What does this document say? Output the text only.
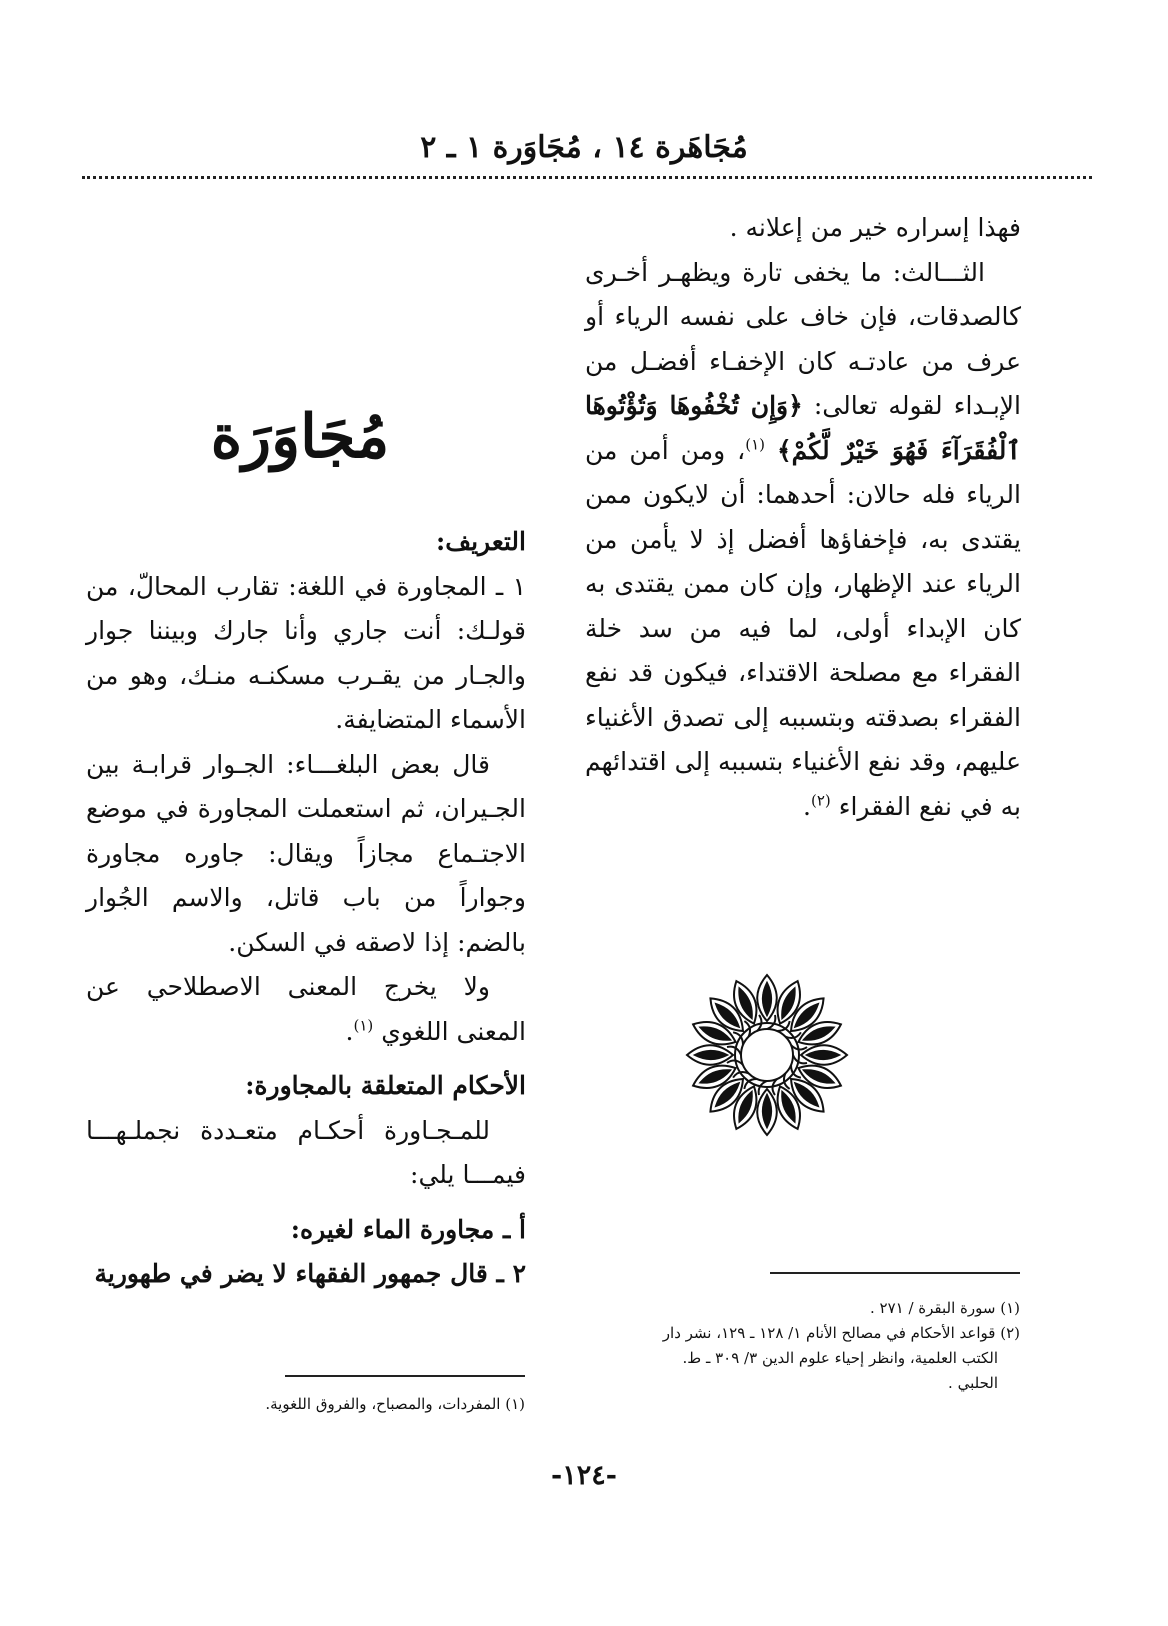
مُجَاهَرة ١٤ ، مُجَاوَرة ١ ـ ٢

فهذا إسراره خير من إعلانه .

الثـــالث: ما يخفى تارة ويظهـر أخـرى كالصدقات، فإن خاف على نفسه الرياء أو عرف من عادتـه كان الإخفـاء أفضـل من الإبـداء لقوله تعالى: ﴿وَإِن تُخْفُوهَا وَتُؤْتُوهَا ٱلْفُقَرَآءَ فَهُوَ خَيْرٌ لَّكُمْ﴾ $^{(١)}$، ومن أمن من الرياء فله حالان: أحدهما: أن لايكون ممن يقتدى به، فإخفاؤها أفضل إذ لا يأمن من الرياء عند الإظهار، وإن كان ممن يقتدى به كان الإبداء أولى، لما فيه من سد خلة الفقراء مع مصلحة الاقتداء، فيكون قد نفع الفقراء بصدقته وبتسببه إلى تصدق الأغنياء عليهم، وقد نفع الأغنياء بتسببه إلى اقتدائهم به في نفع الفقراء $^{(٢)}$.

مُجَاوَرَة

التعريف:

١ ـ المجاورة في اللغة: تقارب المحالّ، من قولـك: أنت جاري وأنا جارك وبيننا جوار والجـار من يقـرب مسكنـه منـك، وهو من الأسماء المتضايفة.

قال بعض البلغـــاء: الجـوار قرابـة بين الجـيران، ثم استعملت المجاورة في موضع الاجتـماع مجازاً ويقال: جاوره مجاورة وجواراً من باب قاتل، والاسم الجُوار بالضم: إذا لاصقه في السكن.

ولا يخرج المعنى الاصطلاحي عن المعنى اللغوي $^{(١)}$.

الأحكام المتعلقة بالمجاورة:

للمـجـاورة أحكـام متعـددة نجملـهـــا فيمـــا يلي:

أ ـ مجاورة الماء لغيره:

٢ ـ قال جمهور الفقهاء لا يضر في طهورية

(١) سورة البقرة / ٢٧١ .

(٢) قواعد الأحكام في مصالح الأنام ١/ ١٢٨ ـ ١٢٩، نشر دار

الكتب العلمية، وانظر إحياء علوم الدين ٣/ ٣٠٩ ـ ط.

الحلبي .

(١) المفردات، والمصباح، والفروق اللغوية.

-١٢٤-
